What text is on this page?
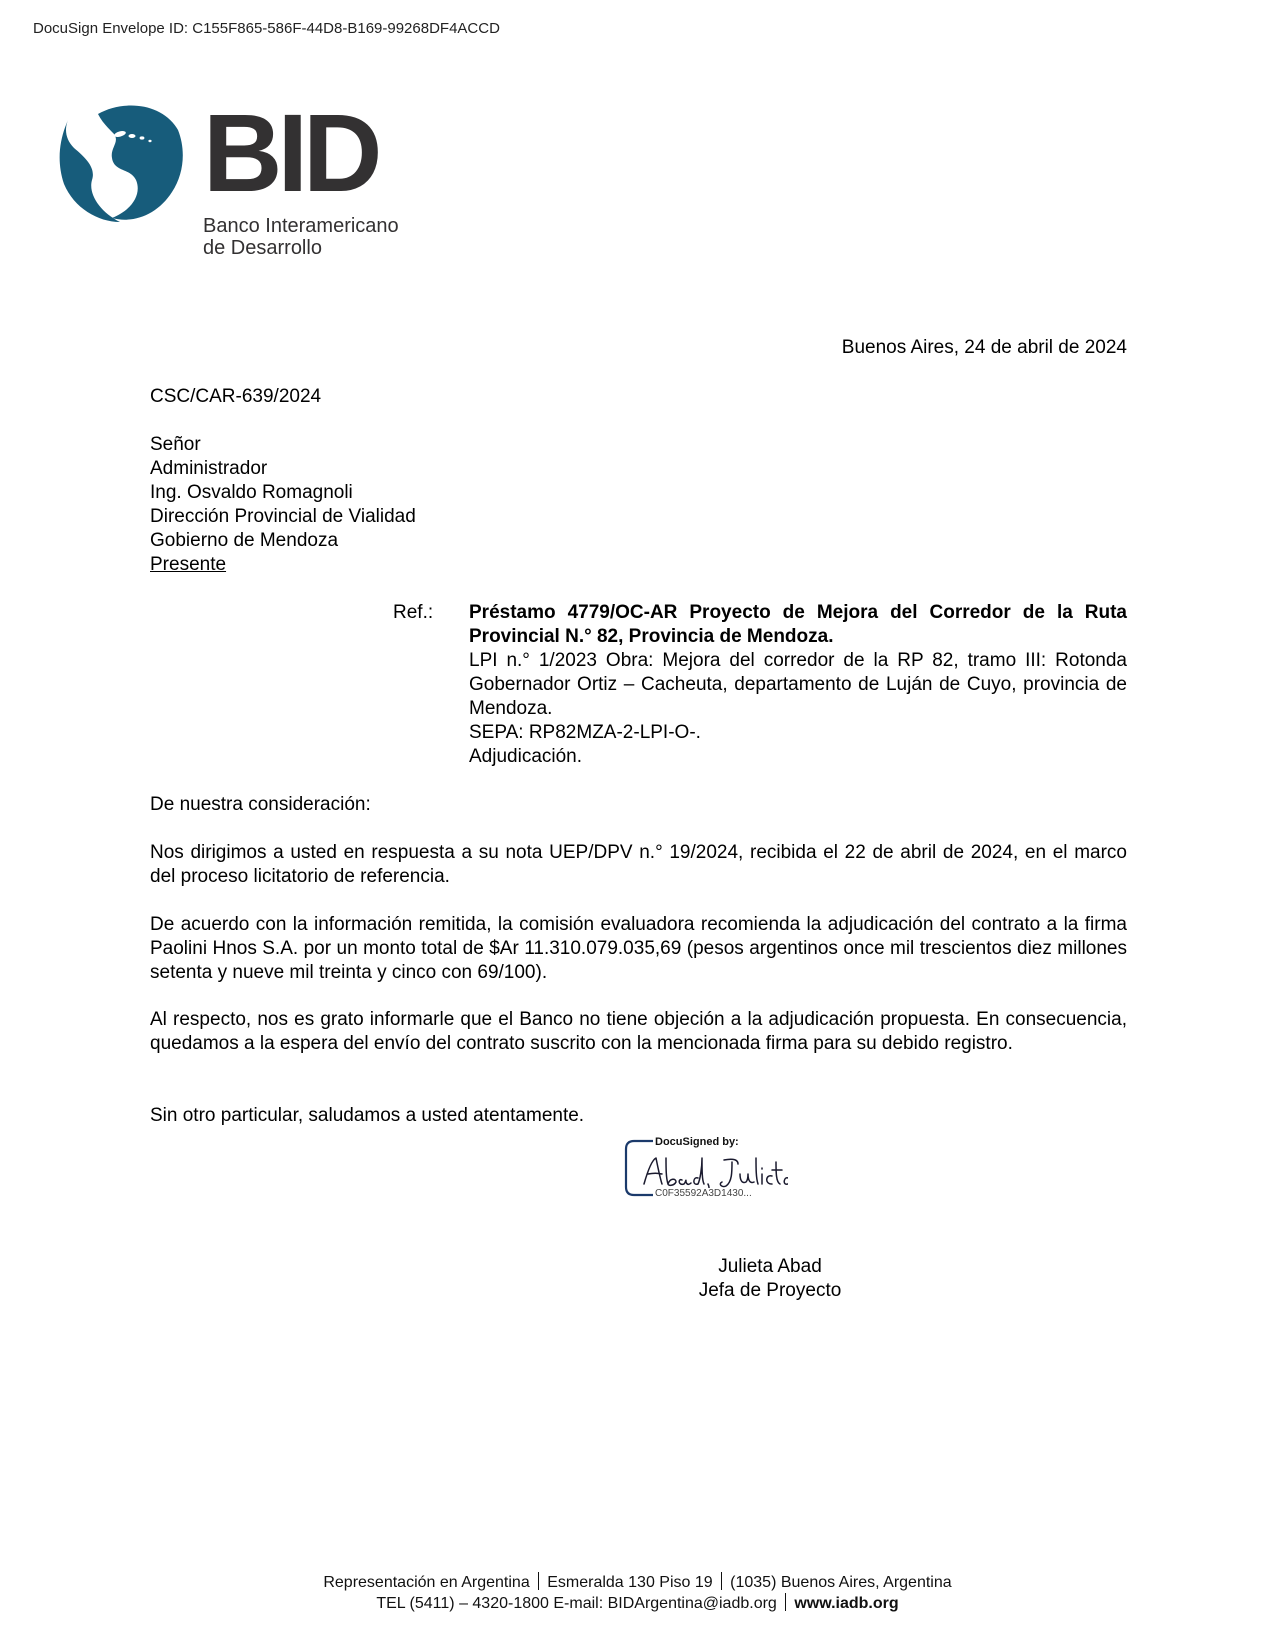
DocuSign Envelope ID: C155F865-586F-44D8-B169-99268DF4ACCD
BID
Banco Interamericano
de Desarrollo
Buenos Aires, 24 de abril de 2024
CSC/CAR-639/2024
Señor
Administrador
Ing. Osvaldo Romagnoli
Dirección Provincial de Vialidad
Gobierno de Mendoza
Presente
Ref.: Préstamo 4779/OC-AR Proyecto de Mejora del Corredor de la Ruta Provincial N.° 82, Provincia de Mendoza.
LPI n.° 1/2023 Obra: Mejora del corredor de la RP 82, tramo III: Rotonda Gobernador Ortiz – Cacheuta, departamento de Luján de Cuyo, provincia de Mendoza.
SEPA: RP82MZA-2-LPI-O-.
Adjudicación.
De nuestra consideración:
Nos dirigimos a usted en respuesta a su nota UEP/DPV n.° 19/2024, recibida el 22 de abril de 2024, en el marco del proceso licitatorio de referencia.
De acuerdo con la información remitida, la comisión evaluadora recomienda la adjudicación del contrato a la firma Paolini Hnos S.A. por un monto total de $Ar 11.310.079.035,69 (pesos argentinos once mil trescientos diez millones setenta y nueve mil treinta y cinco con 69/100).
Al respecto, nos es grato informarle que el Banco no tiene objeción a la adjudicación propuesta. En consecuencia, quedamos a la espera del envío del contrato suscrito con la mencionada firma para su debido registro.
Sin otro particular, saludamos a usted atentamente.
DocuSigned by:
C0F35592A3D1430...
Julieta Abad
Jefa de Proyecto
Representación en Argentina Esmeralda 130 Piso 19 (1035) Buenos Aires, Argentina
TEL (5411) – 4320-1800 E-mail: BIDArgentina@iadb.org www.iadb.org
